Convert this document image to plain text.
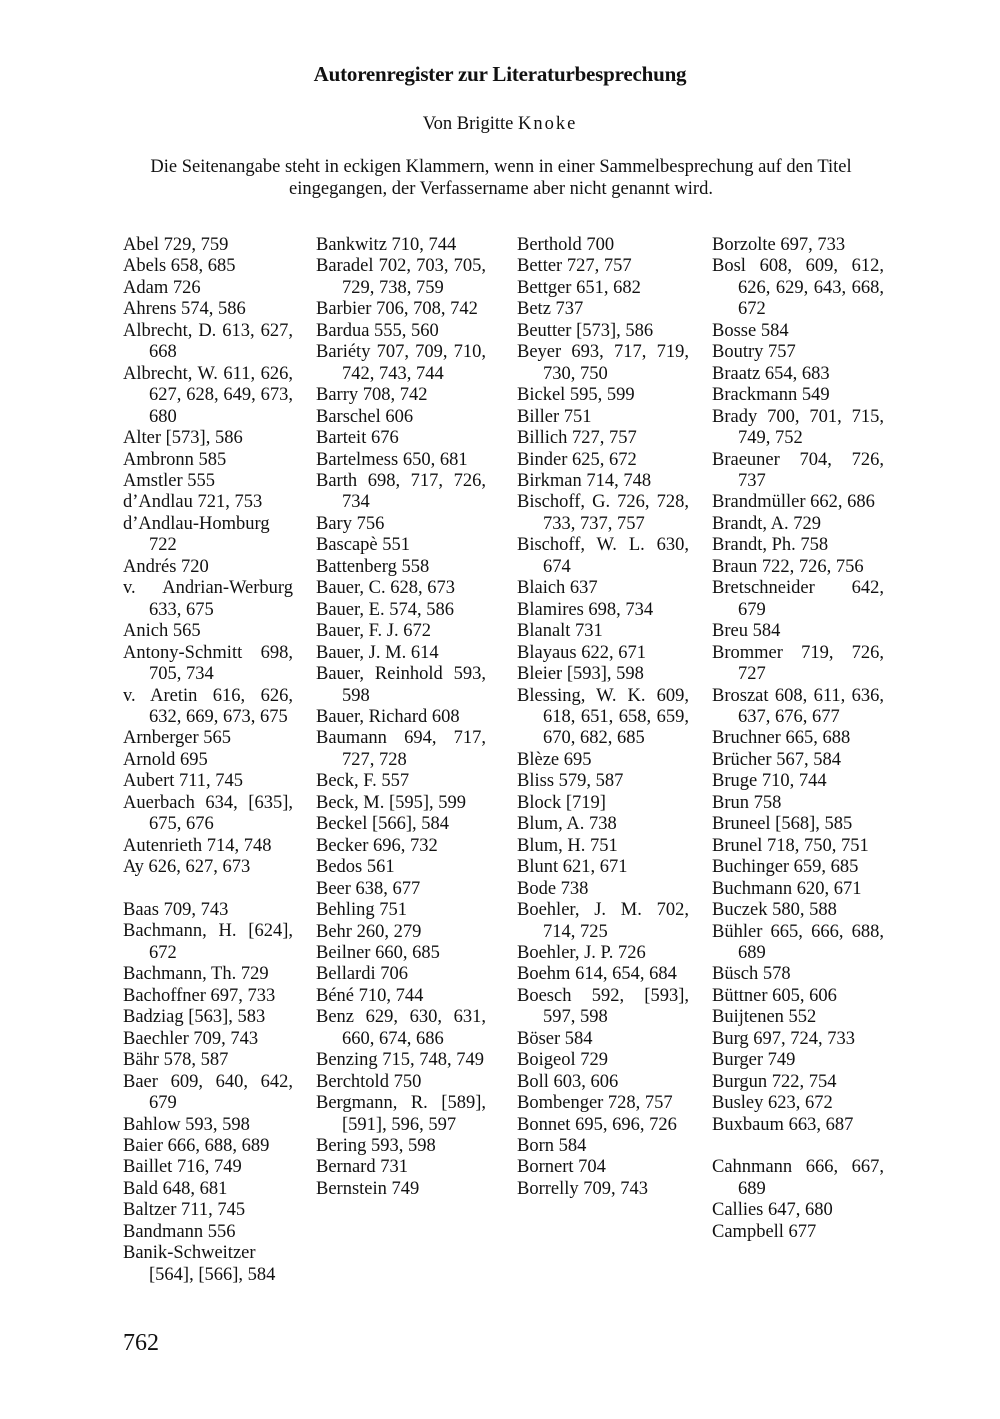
Autorenregister zur Literaturbesprechung
Von Brigitte Knoke
Die Seitenangabe steht in eckigen Klammern, wenn in einer Sammelbesprechung auf den Titel eingegangen, der Verfassername aber nicht genannt wird.
Abel 729, 759
Abels 658, 685
Adam 726
Ahrens 574, 586
Albrecht, D. 613, 627, 668
Albrecht, W. 611, 626, 627, 628, 649, 673, 680
Alter [573], 586
Ambronn 585
Amstler 555
d’Andlau 721, 753
d’Andlau-Homburg 722
Andrés 720
v. Andrian-Werburg 633, 675
Anich 565
Antony-Schmitt 698, 705, 734
v. Aretin 616, 626, 632, 669, 673, 675
Arnberger 565
Arnold 695
Aubert 711, 745
Auerbach 634, [635], 675, 676
Autenrieth 714, 748
Ay 626, 627, 673
Baas 709, 743
Bachmann, H. [624], 672
Bachmann, Th. 729
Bachoffner 697, 733
Badziag [563], 583
Baechler 709, 743
Bähr 578, 587
Baer 609, 640, 642, 679
Bahlow 593, 598
Baier 666, 688, 689
Baillet 716, 749
Bald 648, 681
Baltzer 711, 745
Bandmann 556
Banik-Schweitzer [564], [566], 584
Bankwitz 710, 744
Baradel 702, 703, 705, 729, 738, 759
Barbier 706, 708, 742
Bardua 555, 560
Bariéty 707, 709, 710, 742, 743, 744
Barry 708, 742
Barschel 606
Barteit 676
Bartelmess 650, 681
Barth 698, 717, 726, 734
Bary 756
Bascapè 551
Battenberg 558
Bauer, C. 628, 673
Bauer, E. 574, 586
Bauer, F. J. 672
Bauer, J. M. 614
Bauer, Reinhold 593, 598
Bauer, Richard 608
Baumann 694, 717, 727, 728
Beck, F. 557
Beck, M. [595], 599
Beckel [566], 584
Becker 696, 732
Bedos 561
Beer 638, 677
Behling 751
Behr 260, 279
Beilner 660, 685
Bellardi 706
Béné 710, 744
Benz 629, 630, 631, 660, 674, 686
Benzing 715, 748, 749
Berchtold 750
Bergmann, R. [589], [591], 596, 597
Bering 593, 598
Bernard 731
Bernstein 749
Berthold 700
Better 727, 757
Bettger 651, 682
Betz 737
Beutter [573], 586
Beyer 693, 717, 719, 730, 750
Bickel 595, 599
Biller 751
Billich 727, 757
Binder 625, 672
Birkman 714, 748
Bischoff, G. 726, 728, 733, 737, 757
Bischoff, W. L. 630, 674
Blaich 637
Blamires 698, 734
Blanalt 731
Blayaus 622, 671
Bleier [593], 598
Blessing, W. K. 609, 618, 651, 658, 659, 670, 682, 685
Blèze 695
Bliss 579, 587
Block [719]
Blum, A. 738
Blum, H. 751
Blunt 621, 671
Bode 738
Boehler, J. M. 702, 714, 725
Boehler, J. P. 726
Boehm 614, 654, 684
Boesch 592, [593], 597, 598
Böser 584
Boigeol 729
Boll 603, 606
Bombenger 728, 757
Bonnet 695, 696, 726
Born 584
Bornert 704
Borrelly 709, 743
Borzolte 697, 733
Bosl 608, 609, 612, 626, 629, 643, 668, 672
Bosse 584
Boutry 757
Braatz 654, 683
Brackmann 549
Brady 700, 701, 715, 749, 752
Braeuner 704, 726, 737
Brandmüller 662, 686
Brandt, A. 729
Brandt, Ph. 758
Braun 722, 726, 756
Bretschneider 642, 679
Breu 584
Brommer 719, 726, 727
Broszat 608, 611, 636, 637, 676, 677
Bruchner 665, 688
Brücher 567, 584
Bruge 710, 744
Brun 758
Bruneel [568], 585
Brunel 718, 750, 751
Buchinger 659, 685
Buchmann 620, 671
Buczek 580, 588
Bühler 665, 666, 688, 689
Büsch 578
Büttner 605, 606
Buijtenen 552
Burg 697, 724, 733
Burger 749
Burgun 722, 754
Busley 623, 672
Buxbaum 663, 687
Cahnmann 666, 667, 689
Callies 647, 680
Campbell 677
762
